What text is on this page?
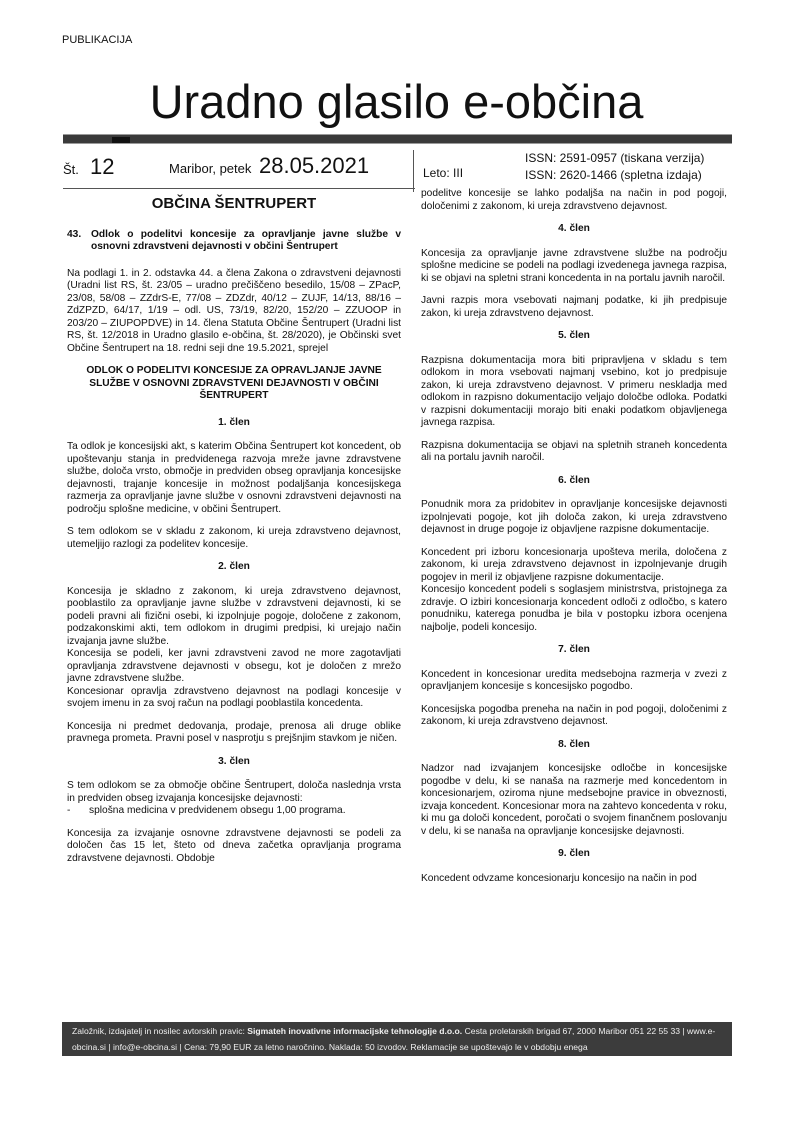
PUBLIKACIJA
Uradno glasilo e-občina
Št. 12	Maribor, petek 28.05.2021	Leto: III
ISSN: 2591-0957 (tiskana verzija)
ISSN: 2620-1466 (spletna izdaja)
OBČINA ŠENTRUPERT
43. Odlok o podelitvi koncesije za opravljanje javne službe v osnovni zdravstveni dejavnosti v občini Šentrupert

Na podlagi 1. in 2. odstavka 44. a člena Zakona o zdravstveni dejavnosti (Uradni list RS, št. 23/05 – uradno prečiščeno besedilo, 15/08 – ZPacP, 23/08, 58/08 – ZZdrS-E, 77/08 – ZDZdr, 40/12 – ZUJF, 14/13, 88/16 – ZdZPZD, 64/17, 1/19 – odl. US, 73/19, 82/20, 152/20 – ZZUOOP in 203/20 – ZIUPOPDVE) in 14. člena Statuta Občine Šentrupert (Uradni list RS, št. 12/2018 in Uradno glasilo e-občina, št. 28/2020), je Občinski svet Občine Šentrupert na 18. redni seji dne 19.5.2021, sprejel

ODLOK O PODELITVI KONCESIJE ZA OPRAVLJANJE JAVNE SLUŽBE V OSNOVNI ZDRAVSTVENI DEJAVNOSTI V OBČINI ŠENTRUPERT
1. člen

Ta odlok je koncesijski akt, s katerim Občina Šentrupert kot koncedent, ob upoštevanju stanja in predvidenega razvoja mreže javne zdravstvene službe, določa vrsto, območje in predviden obseg opravljanja koncesijske dejavnosti, trajanje koncesije in možnost podaljšanja koncesijskega razmerja za opravljanje javne službe v osnovni zdravstveni dejavnosti na področju splošne medicine, v občini Šentrupert.

S tem odlokom se v skladu z zakonom, ki ureja zdravstveno dejavnost, utemeljijo razlogi za podelitev koncesije.

2. člen

Koncesija je skladno z zakonom, ki ureja zdravstveno dejavnost, pooblastilo za opravljanje javne službe v zdravstveni dejavnosti, ki se podeli pravni ali fizični osebi, ki izpolnjuje pogoje, določene z zakonom, podzakonskimi akti, tem odlokom in drugimi predpisi, ki urejajo način izvajanja javne službe.

Koncesija se podeli, ker javni zdravstveni zavod ne more zagotavljati opravljanja zdravstvene dejavnosti v obsegu, kot je določen z mrežo javne zdravstvene službe.

Koncesionar opravlja zdravstveno dejavnost na podlagi koncesije v svojem imenu in za svoj račun na podlagi pooblastila koncedenta.

Koncesija ni predmet dedovanja, prodaje, prenosa ali druge oblike pravnega prometa. Pravni posel v nasprotju s prejšnjim stavkom je ničen.

3. člen

S tem odlokom se za območje občine Šentrupert, določa naslednja vrsta in predviden obseg izvajanja koncesijske dejavnosti:

-	splošna medicina v predvidenem obsegu 1,00 programa.

Koncesija za izvajanje osnovne zdravstvene dejavnosti se podeli za določen čas 15 let, šteto od dneva začetka opravljanja programa zdravstvene dejavnosti. Obdobje

podelitve koncesije se lahko podaljša na način in pod pogoji, določenimi z zakonom, ki ureja zdravstveno dejavnost.

4. člen

Koncesija za opravljanje javne zdravstvene službe na področju splošne medicine se podeli na podlagi izvedenega javnega razpisa, ki se objavi na spletni strani koncedenta in na portalu javnih naročil.

Javni razpis mora vsebovati najmanj podatke, ki jih predpisuje zakon, ki ureja zdravstveno dejavnost.

5. člen

Razpisna dokumentacija mora biti pripravljena v skladu s tem odlokom in mora vsebovati najmanj vsebino, kot jo predpisuje zakon, ki ureja zdravstveno dejavnost. V primeru neskladja med odlokom in razpisno dokumentacijo veljajo določbe odloka. Podatki v razpisni dokumentaciji morajo biti enaki podatkom objavljenega javnega razpisa.

Razpisna dokumentacija se objavi na spletnih straneh koncedenta ali na portalu javnih naročil.

6. člen

Ponudnik mora za pridobitev in opravljanje koncesijske dejavnosti izpolnjevati pogoje, kot jih določa zakon, ki ureja zdravstveno dejavnost in druge pogoje iz objavljene razpisne dokumentacije.

Koncedent pri izboru koncesionarja upošteva merila, določena z zakonom, ki ureja zdravstveno dejavnost in izpolnjevanje drugih pogojev in meril iz objavljene razpisne dokumentacije.

Koncesijo koncedent podeli s soglasjem ministrstva, pristojnega za zdravje. O izbiri koncesionarja koncedent odloči z odločbo, s katero ponudniku, katerega ponudba je bila v postopku izbora ocenjena najbolje, podeli koncesijo.

7. člen

Koncedent in koncesionar uredita medsebojna razmerja v zvezi z opravljanjem koncesije s koncesijsko pogodbo.

Koncesijska pogodba preneha na način in pod pogoji, določenimi z zakonom, ki ureja zdravstveno dejavnost.

8. člen

Nadzor nad izvajanjem koncesijske odločbe in koncesijske pogodbe v delu, ki se nanaša na razmerje med koncedentom in koncesionarjem, oziroma njune medsebojne pravice in obveznosti, izvaja koncedent. Koncesionar mora na zahtevo koncedenta v roku, ki mu ga določi koncedent, poročati o svojem finančnem poslovanju v delu, ki se nanaša na opravljanje koncesijske dejavnosti.

9. člen

Koncedent odvzame koncesionarju koncesijo na način in pod

Založnik, izdajatelj in nosilec avtorskih pravic: Sigmateh inovativne informacijske tehnologije d.o.o. Cesta proletarskih brigad 67, 2000 Maribor 051 22 55 33 | www.e-obcina.si | info@e-obcina.si | Cena: 79,90 EUR za letno naročnino. Naklada: 50 izvodov. Reklamacije se upoštevajo le v obdobju enega
